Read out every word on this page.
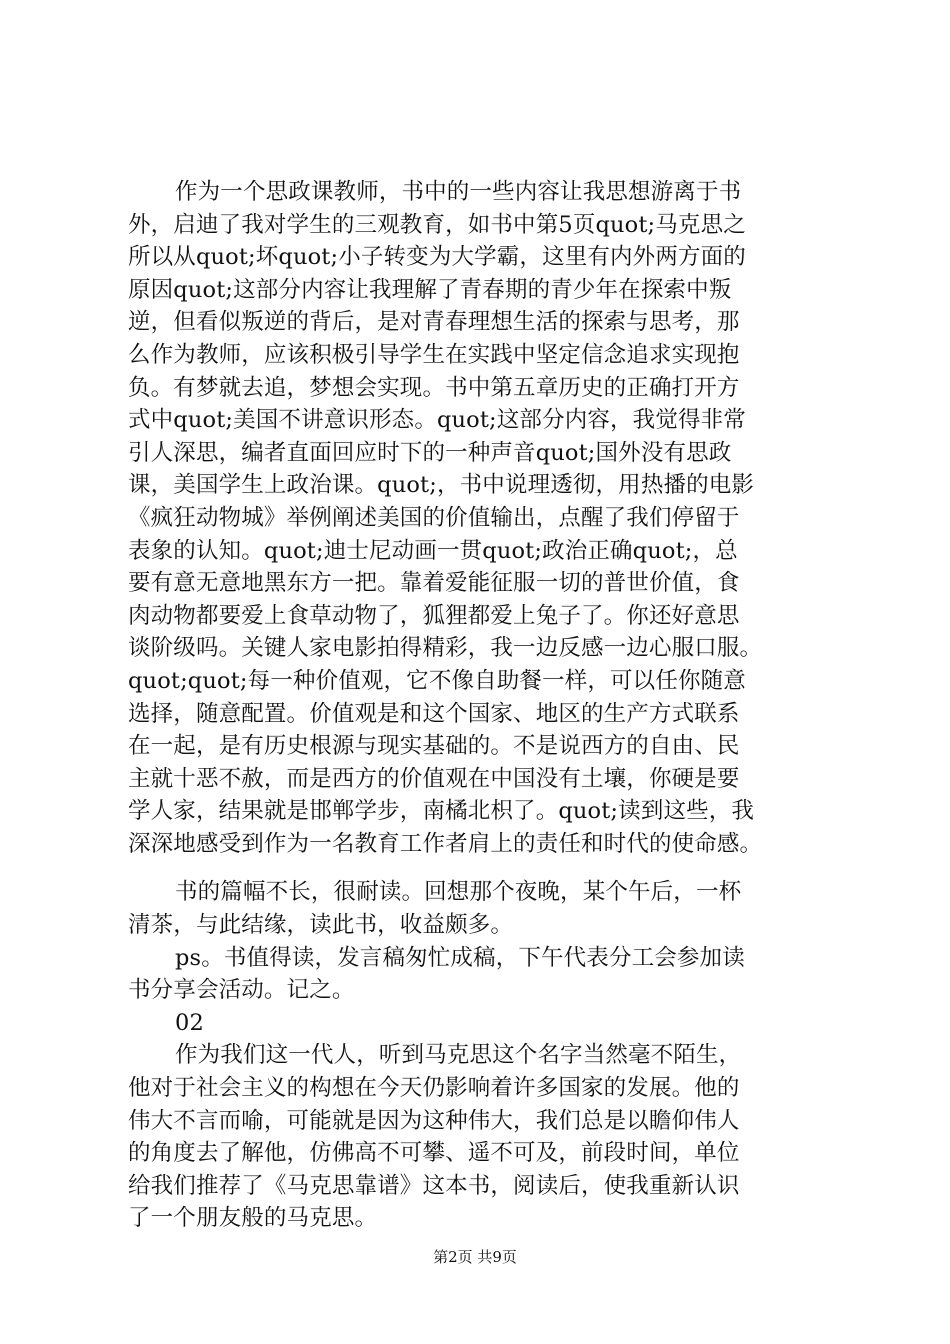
作为一个思政课教师，书中的一些内容让我思想游离于书
外，启迪了我对学生的三观教育，如书中第5页quot;马克思之
所以从quot;坏quot;小子转变为大学霸，这里有内外两方面的
原因quot;这部分内容让我理解了青春期的青少年在探索中叛
逆，但看似叛逆的背后，是对青春理想生活的探索与思考，那
么作为教师，应该积极引导学生在实践中坚定信念追求实现抱
负。有梦就去追，梦想会实现。书中第五章历史的正确打开方
式中quot;美国不讲意识形态。quot;这部分内容，我觉得非常
引人深思，编者直面回应时下的一种声音quot;国外没有思政
课，美国学生上政治课。quot;，书中说理透彻，用热播的电影
《疯狂动物城》举例阐述美国的价值输出，点醒了我们停留于
表象的认知。quot;迪士尼动画一贯quot;政治正确quot;，总
要有意无意地黑东方一把。靠着爱能征服一切的普世价值，食
肉动物都要爱上食草动物了，狐狸都爱上兔子了。你还好意思
谈阶级吗。关键人家电影拍得精彩，我一边反感一边心服口服。
quot;quot;每一种价值观，它不像自助餐一样，可以任你随意
选择，随意配置。价值观是和这个国家、地区的生产方式联系
在一起，是有历史根源与现实基础的。不是说西方的自由、民
主就十恶不赦，而是西方的价值观在中国没有土壤，你硬是要
学人家，结果就是邯郸学步，南橘北枳了。quot;读到这些，我
深深地感受到作为一名教育工作者肩上的责任和时代的使命感。
书的篇幅不长，很耐读。回想那个夜晚，某个午后，一杯
清茶，与此结缘，读此书，收益颇多。
ps。书值得读，发言稿匆忙成稿，下午代表分工会参加读
书分享会活动。记之。
02
作为我们这一代人，听到马克思这个名字当然毫不陌生，
他对于社会主义的构想在今天仍影响着许多国家的发展。他的
伟大不言而喻，可能就是因为这种伟大，我们总是以瞻仰伟人
的角度去了解他，仿佛高不可攀、遥不可及，前段时间，单位
给我们推荐了《马克思靠谱》这本书，阅读后，使我重新认识
了一个朋友般的马克思。
第2页 共9页
